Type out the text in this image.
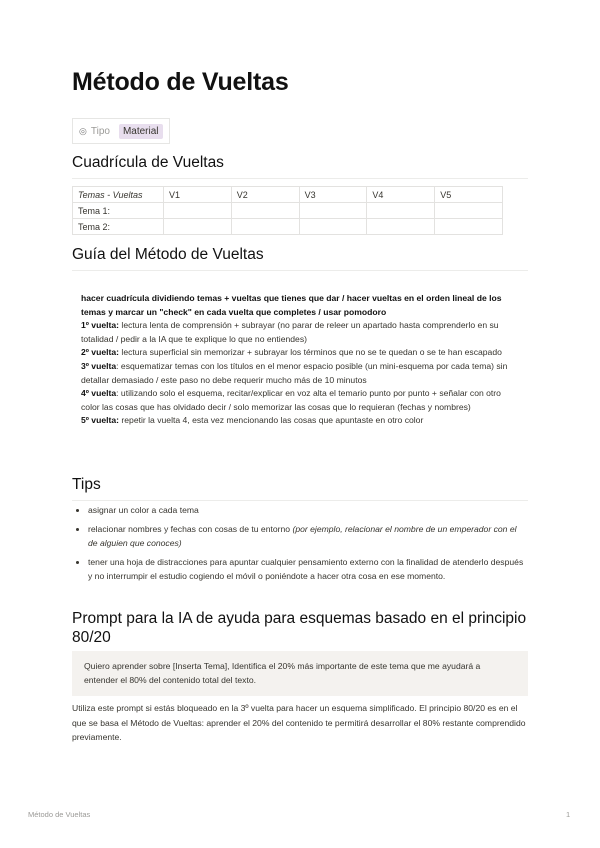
Método de Vueltas
◎ Tipo	Material
Cuadrícula de Vueltas
Temas - Vueltas	V1	V2	V3	V4	V5
Tema 1:					
Tema 2:					
Guía del Método de Vueltas

hacer cuadrícula dividiendo temas + vueltas que tienes que dar / hacer vueltas en el orden lineal de los temas y marcar un "check" en cada vuelta que completes / usar pomodoro

1º vuelta: lectura lenta de comprensión + subrayar (no parar de releer un apartado hasta comprenderlo en su totalidad / pedir a la IA que te explique lo que no entiendes)

2º vuelta: lectura superficial sin memorizar + subrayar los términos que no se te quedan o se te han escapado

3º vuelta: esquematizar temas con los títulos en el menor espacio posible (un mini-esquema por cada tema) sin detallar demasiado / este paso no debe requerir mucho más de 10 minutos

4º vuelta: utilizando solo el esquema, recitar/explicar en voz alta el temario punto por punto + señalar con otro color las cosas que has olvidado decir / solo memorizar las cosas que lo requieran (fechas y nombres)

5º vuelta: repetir la vuelta 4, esta vez mencionando las cosas que apuntaste en otro color

Tips
• asignar un color a cada tema
• relacionar nombres y fechas con cosas de tu entorno (por ejemplo, relacionar el nombre de un emperador con el de alguien que conoces)
• tener una hoja de distracciones para apuntar cualquier pensamiento externo con la finalidad de atenderlo después y no interrumpir el estudio cogiendo el móvil o poniéndote a hacer otra cosa en ese momento.
Prompt para la IA de ayuda para esquemas basado en el principio 80/20
Quiero aprender sobre [Inserta Tema], Identifica el 20% más importante de este tema que me ayudará a entender el 80% del contenido total del texto.
Utiliza este prompt si estás bloqueado en la 3º vuelta para hacer un esquema simplificado. El principio 80/20 es en el que se basa el Método de Vueltas: aprender el 20% del contenido te permitirá desarrollar el 80% restante comprendido previamente.
Método de Vueltas	1
